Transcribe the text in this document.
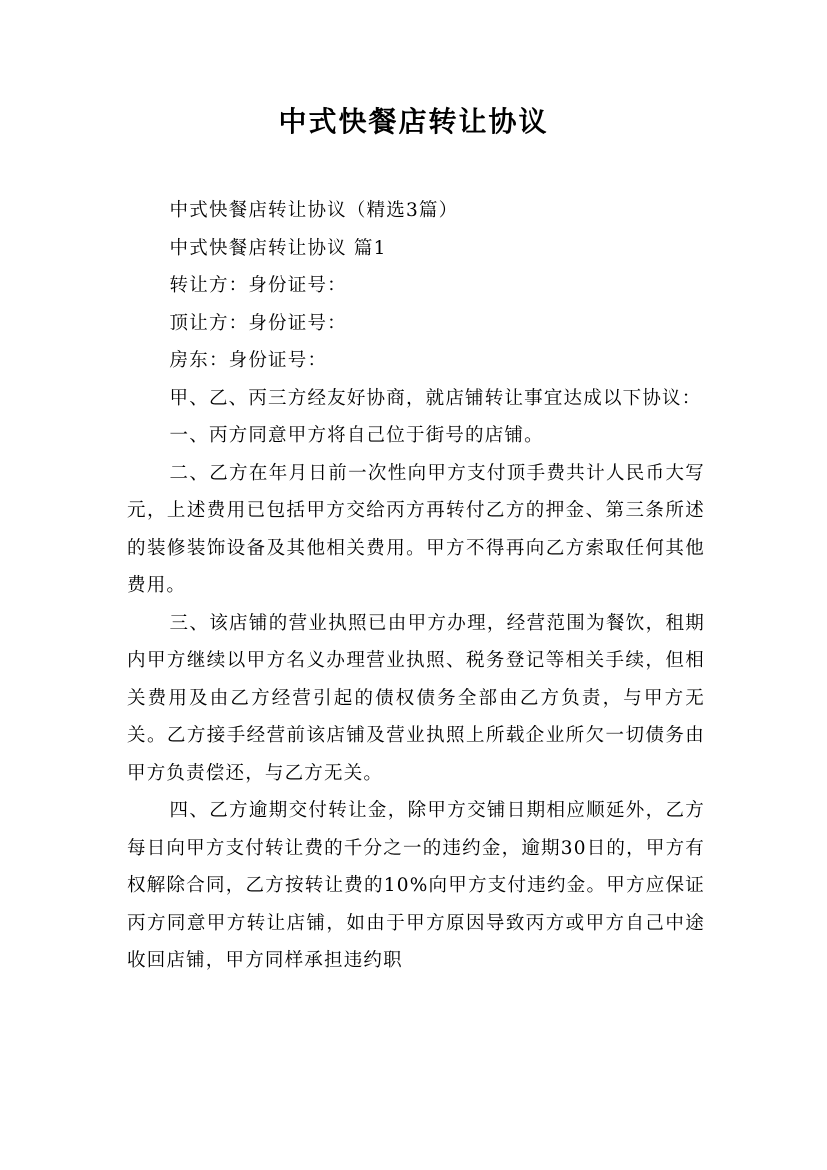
中式快餐店转让协议

中式快餐店转让协议（精选3篇）

中式快餐店转让协议 篇1

转让方：身份证号：

顶让方：身份证号：

房东：身份证号：

甲、乙、丙三方经友好协商，就店铺转让事宜达成以下协议：

一、丙方同意甲方将自己位于街号的店铺。

二、乙方在年月日前一次性向甲方支付顶手费共计人民币大写元，上述费用已包括甲方交给丙方再转付乙方的押金、第三条所述的装修装饰设备及其他相关费用。甲方不得再向乙方索取任何其他费用。

三、该店铺的营业执照已由甲方办理，经营范围为餐饮，租期内甲方继续以甲方名义办理营业执照、税务登记等相关手续，但相关费用及由乙方经营引起的债权债务全部由乙方负责，与甲方无关。乙方接手经营前该店铺及营业执照上所载企业所欠一切债务由甲方负责偿还，与乙方无关。

四、乙方逾期交付转让金，除甲方交铺日期相应顺延外，乙方每日向甲方支付转让费的千分之一的违约金，逾期30日的，甲方有权解除合同，乙方按转让费的10%向甲方支付违约金。甲方应保证丙方同意甲方转让店铺，如由于甲方原因导致丙方或甲方自己中途收回店铺，甲方同样承担违约职
